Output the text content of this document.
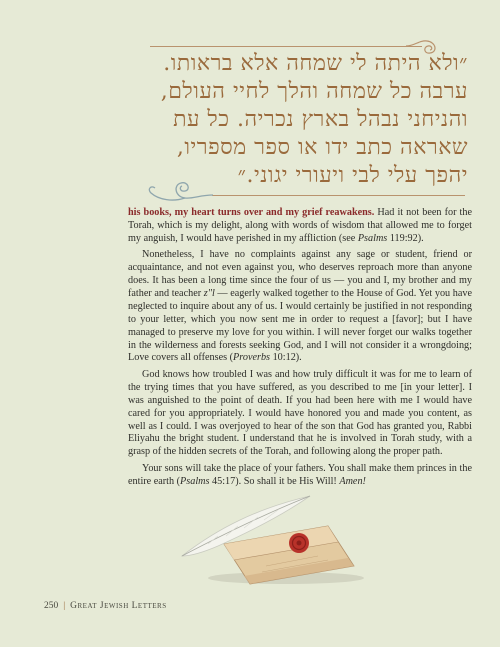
״ולא היתה לי שמחה אלא בראותו.
ערבה כל שמחה והלך לחיי העולם,
והניחני נבהל בארץ נכריה. כל עת
שאראה כתב ידו או ספר מספריו,
יהפך עלי לבי ויעורי יגוני.״

his books, my heart turns over and my grief reawakens. Had it not been for the Torah, which is my delight, along with words of wisdom that allowed me to forget my anguish, I would have perished in my affliction (see Psalms 119:92).

Nonetheless, I have no complaints against any sage or student, friend or acquaintance, and not even against you, who deserves reproach more than anyone does. It has been a long time since the four of us — you and I, my brother and my father and teacher z"l — eagerly walked together to the House of God. Yet you have neglected to inquire about any of us. I would certainly be justified in not responding to your letter, which you now sent me in order to request a [favor]; but I have managed to preserve my love for you within. I will never forget our walks together in the wilderness and forests seeking God, and I will not consider it a wrongdoing; Love covers all offenses (Proverbs 10:12).

God knows how troubled I was and how truly difficult it was for me to learn of the trying times that you have suffered, as you described to me [in your letter]. I was anguished to the point of death. If you had been here with me I would have cared for you appropriately. I would have honored you and made you content, as well as I could. I was overjoyed to hear of the son that God has granted you, Rabbi Eliyahu the bright student. I understand that he is involved in Torah study, with a grasp of the hidden secrets of the Torah, and following along the proper path.

Your sons will take the place of your fathers. You shall make them princes in the entire earth (Psalms 45:17). So shall it be His Will! Amen!

250 | Great Jewish Letters
